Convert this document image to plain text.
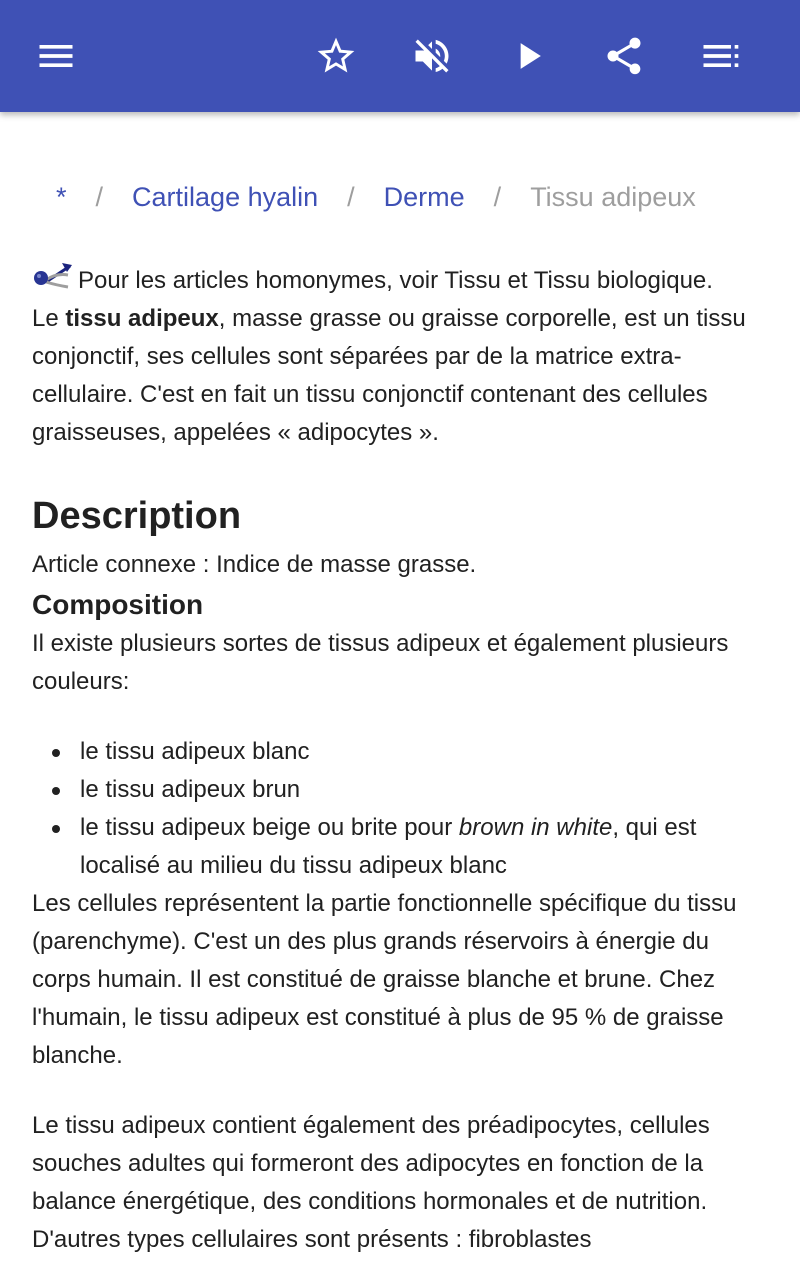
* / Cartilage hyalin / Derme / Tissu adipeux

Pour les articles homonymes, voir Tissu et Tissu biologique.

Le tissu adipeux, masse grasse ou graisse corporelle, est un tissu conjonctif, ses cellules sont séparées par de la matrice extra-cellulaire. C'est en fait un tissu conjonctif contenant des cellules graisseuses, appelées « adipocytes ».

Description

Article connexe : Indice de masse grasse.

Composition

Il existe plusieurs sortes de tissus adipeux et également plusieurs couleurs:

le tissu adipeux blanc
le tissu adipeux brun
le tissu adipeux beige ou brite pour brown in white, qui est localisé au milieu du tissu adipeux blanc

Les cellules représentent la partie fonctionnelle spécifique du tissu (parenchyme). C'est un des plus grands réservoirs à énergie du corps humain. Il est constitué de graisse blanche et brune. Chez l'humain, le tissu adipeux est constitué à plus de 95 % de graisse blanche.

Le tissu adipeux contient également des préadipocytes, cellules souches adultes qui formeront des adipocytes en fonction de la balance énergétique, des conditions hormonales et de nutrition. D'autres types cellulaires sont présents : fibroblastes
